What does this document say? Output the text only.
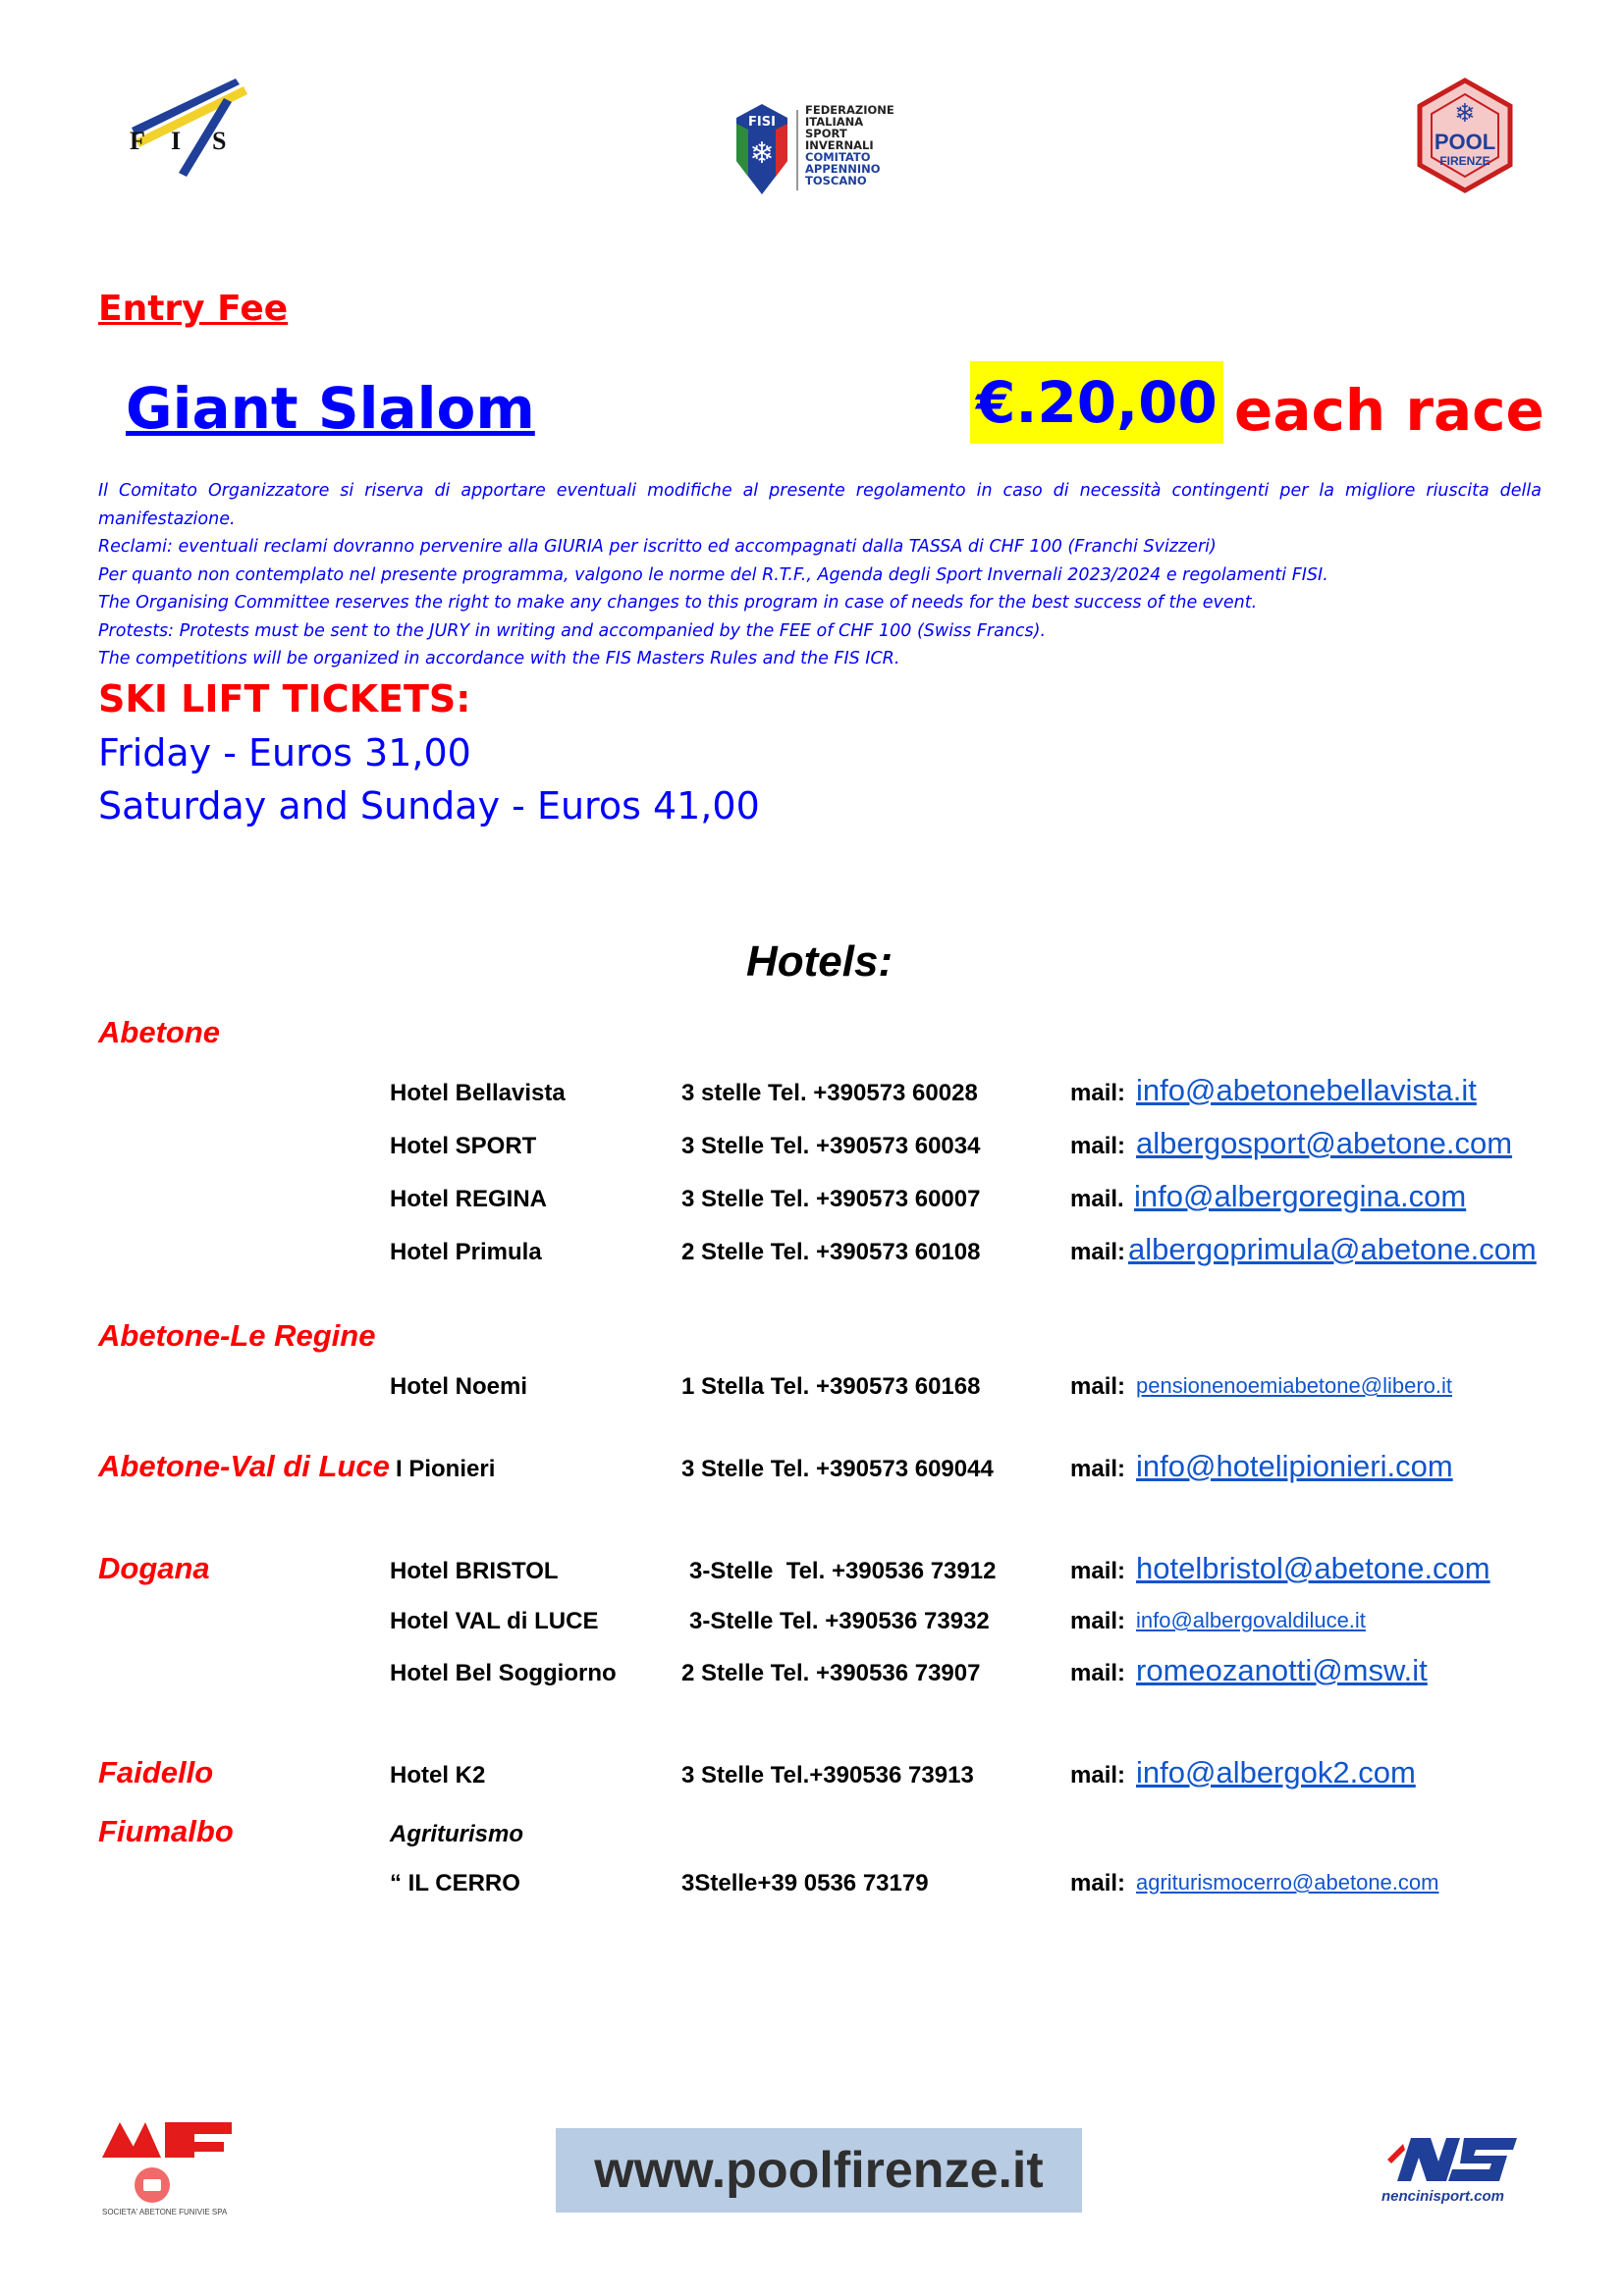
F I S
FISI
❄
FEDERAZIONE
ITALIANA
SPORT
INVERNALI
COMITATO
APPENNINO
TOSCANO
❄
POOL
FIRENZE
Entry Fee
Giant Slalom	€.20,00 each race

Il Comitato Organizzatore si riserva di apportare eventuali modifiche al presente regolamento in caso di necessità contingenti per la migliore riuscita della manifestazione.

Reclami: eventuali reclami dovranno pervenire alla GIURIA per iscritto ed accompagnati dalla TASSA di CHF 100 (Franchi Svizzeri)

Per quanto non contemplato nel presente programma, valgono le norme del R.T.F., Agenda degli Sport Invernali 2023/2024 e regolamenti FISI.

The Organising Committee reserves the right to make any changes to this program in case of needs for the best success of the event.

Protests: Protests must be sent to the JURY in writing and accompanied by the FEE of CHF 100 (Swiss Francs).

The competitions will be organized in accordance with the FIS Masters Rules and the FIS ICR.

SKI LIFT TICKETS:
Friday - Euros 31,00
Saturday and Sunday - Euros 41,00
Hotels:
Abetone
Hotel Bellavista	3 stelle Tel. +390573 60028	mail: info@abetonebellavista.it
Hotel SPORT	3 Stelle Tel. +390573 60034	mail: albergosport@abetone.com
Hotel REGINA	3 Stelle Tel. +390573 60007	mail. info@albergoregina.com
Hotel Primula	2 Stelle Tel. +390573 60108	mail: albergoprimula@abetone.com
Abetone-Le Regine
Hotel Noemi	1 Stella Tel. +390573 60168	mail: pensionenoemiabetone@libero.it
Abetone-Val di Luce I Pionieri	3 Stelle Tel. +390573 609044	mail: info@hotelipionieri.com
Dogana	Hotel BRISTOL	3-Stelle  Tel. +390536 73912	mail: hotelbristol@abetone.com
Hotel VAL di LUCE	3-Stelle Tel. +390536 73932	mail: info@albergovaldiluce.it
Hotel Bel Soggiorno	2 Stelle Tel. +390536 73907	mail: romeozanotti@msw.it
Faidello	Hotel K2	3 Stelle Tel.+390536 73913	mail: info@albergok2.com
Fiumalbo	Agriturismo
“ IL CERRO	3Stelle+39 0536 73179	mail: agriturismocerro@abetone.com
SOCIETA' ABETONE FUNIVIE SPA
www.poolfirenze.it	nencinisport.com
